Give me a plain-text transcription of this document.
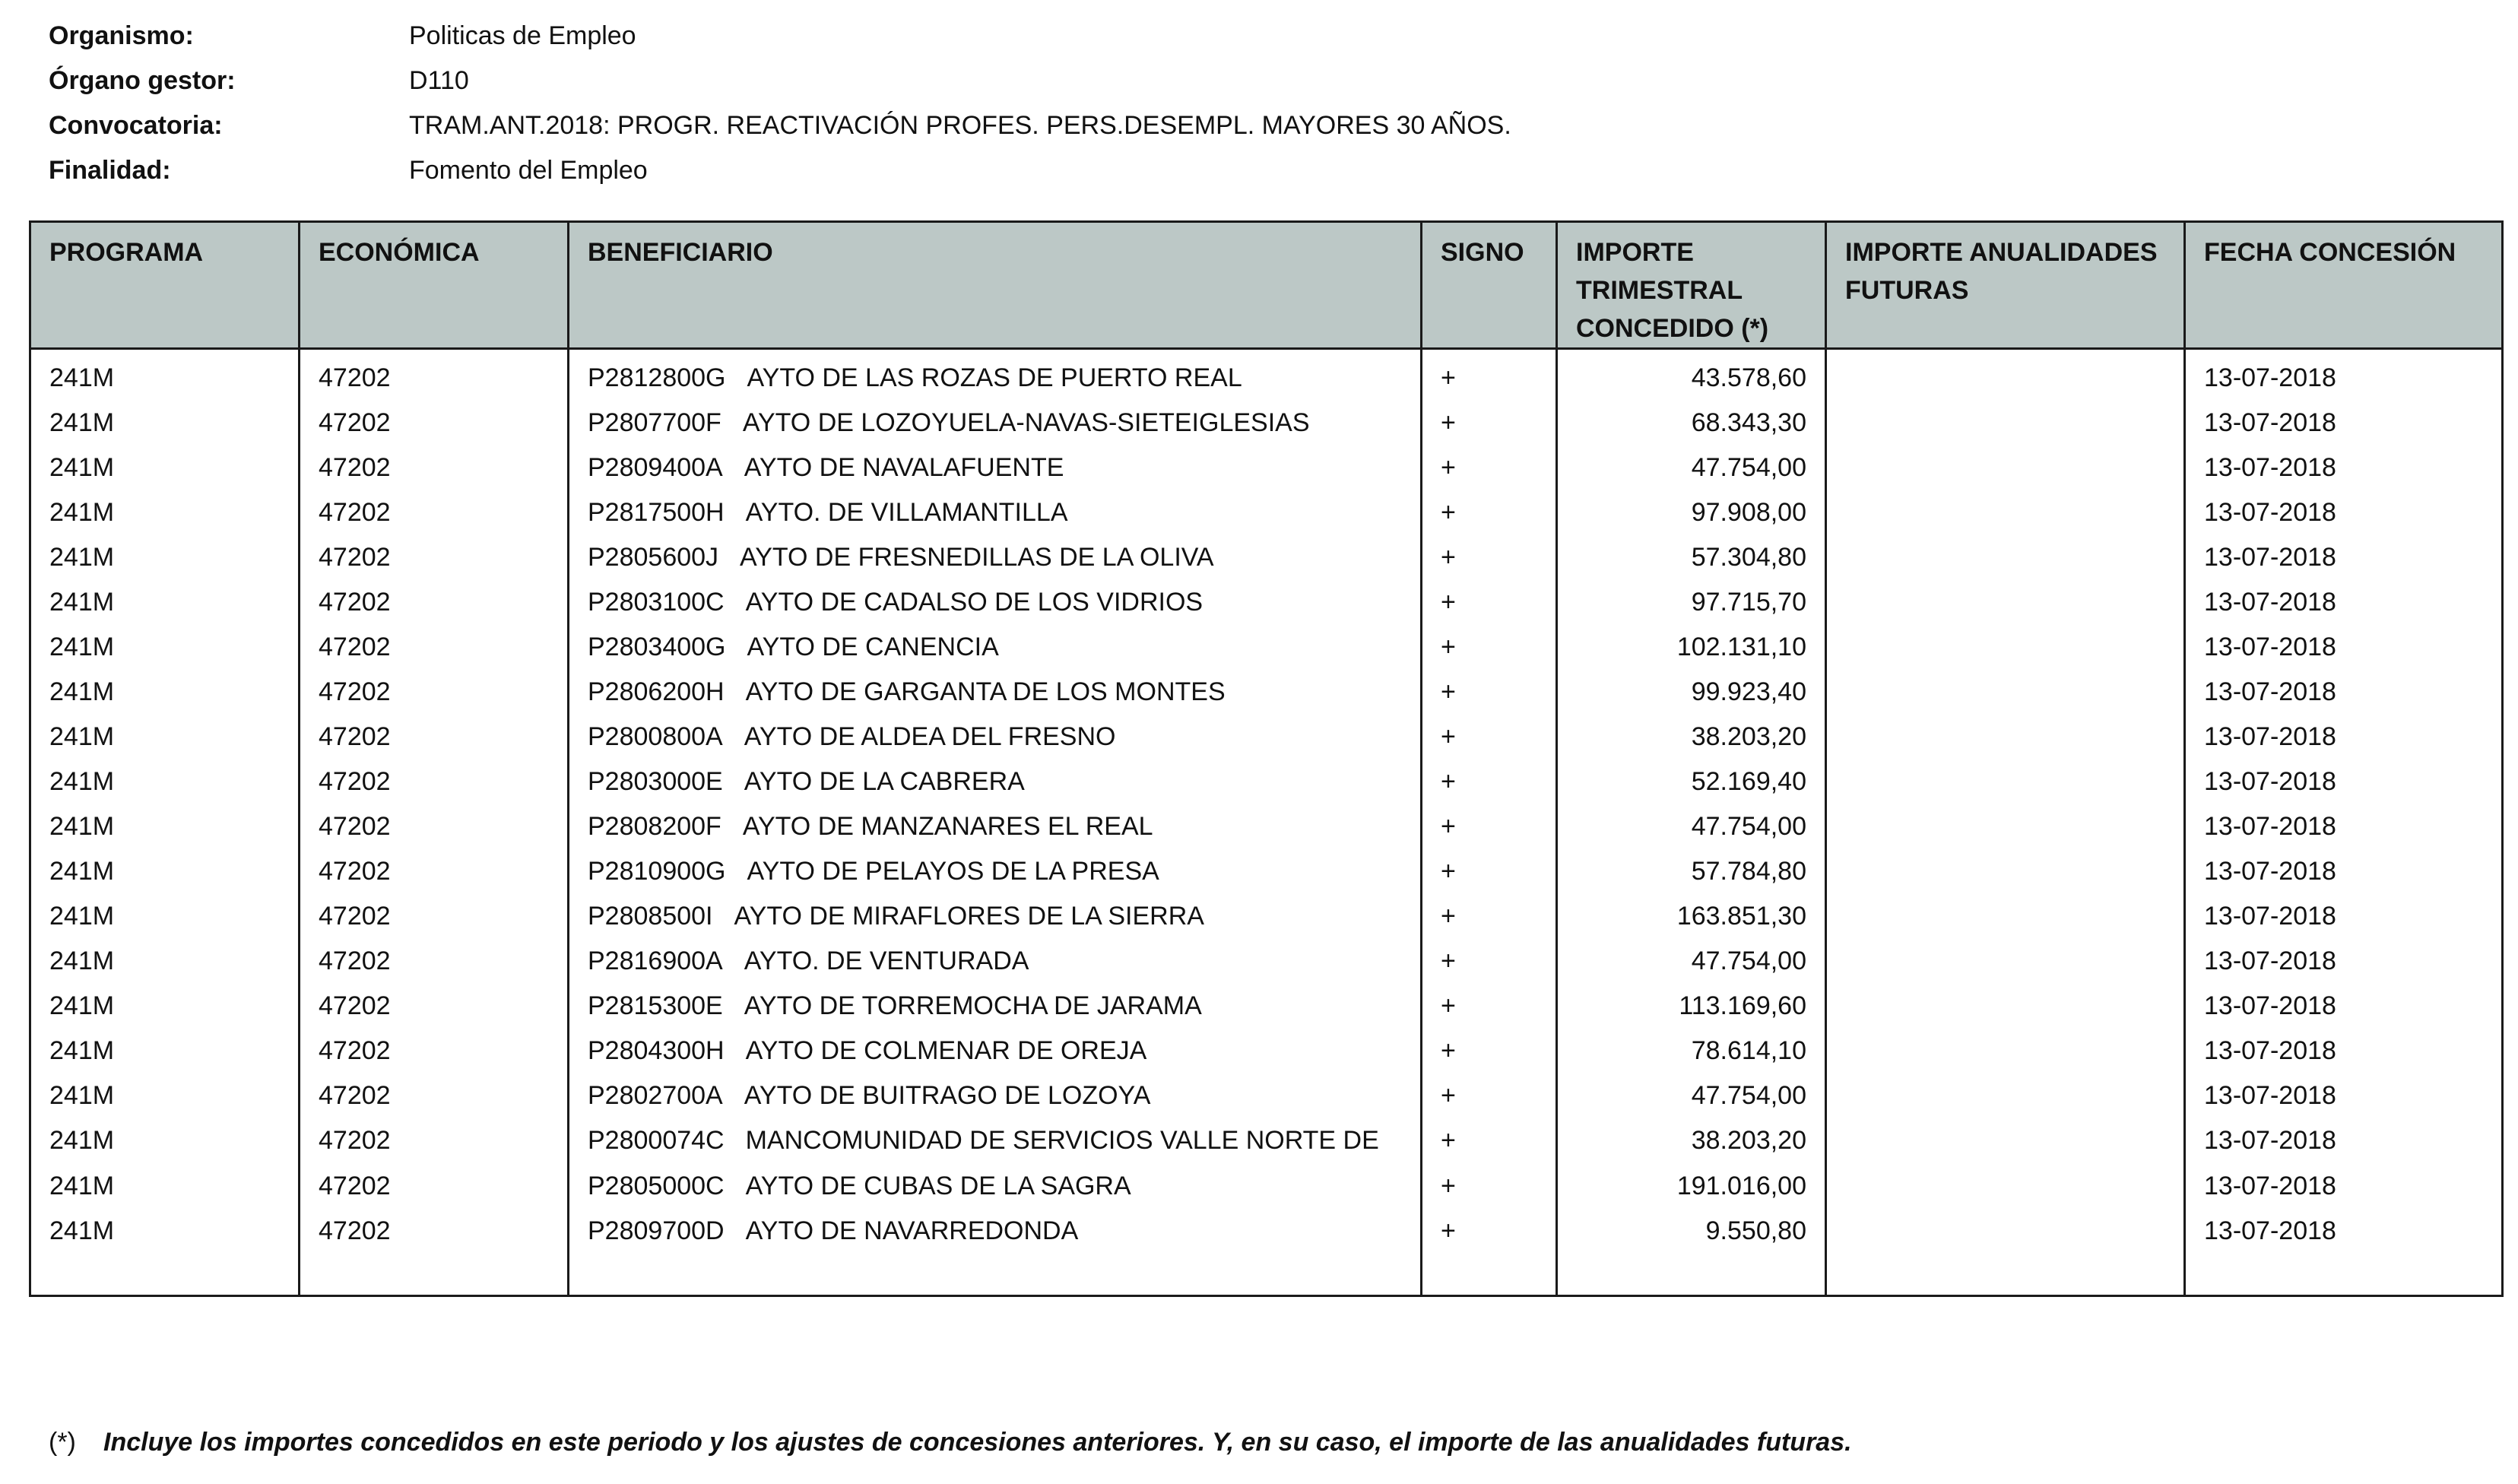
Organismo:	Politicas de Empleo
Órgano gestor:	D110
Convocatoria:	TRAM.ANT.2018: PROGR. REACTIVACIÓN PROFES. PERS.DESEMPL. MAYORES 30 AÑOS.
Finalidad:	Fomento del Empleo
PROGRAMA	ECONÓMICA	BENEFICIARIO	SIGNO	IMPORTE TRIMESTRAL CONCEDIDO (*)	IMPORTE ANUALIDADES FUTURAS	FECHA CONCESIÓN
241M	47202	P2812800G AYTO DE LAS ROZAS DE PUERTO REAL	+	43.578,60		13-07-2018
241M	47202	P2807700F AYTO DE LOZOYUELA-NAVAS-SIETEIGLESIAS	+	68.343,30		13-07-2018
241M	47202	P2809400A AYTO DE NAVALAFUENTE	+	47.754,00		13-07-2018
241M	47202	P2817500H AYTO. DE VILLAMANTILLA	+	97.908,00		13-07-2018
241M	47202	P2805600J AYTO DE FRESNEDILLAS DE LA OLIVA	+	57.304,80		13-07-2018
241M	47202	P2803100C AYTO DE CADALSO DE LOS VIDRIOS	+	97.715,70		13-07-2018
241M	47202	P2803400G AYTO DE CANENCIA	+	102.131,10		13-07-2018
241M	47202	P2806200H AYTO DE GARGANTA DE LOS MONTES	+	99.923,40		13-07-2018
241M	47202	P2800800A AYTO DE ALDEA DEL FRESNO	+	38.203,20		13-07-2018
241M	47202	P2803000E AYTO DE LA CABRERA	+	52.169,40		13-07-2018
241M	47202	P2808200F AYTO DE MANZANARES EL REAL	+	47.754,00		13-07-2018
241M	47202	P2810900G AYTO DE PELAYOS DE LA PRESA	+	57.784,80		13-07-2018
241M	47202	P2808500I AYTO DE MIRAFLORES DE LA SIERRA	+	163.851,30		13-07-2018
241M	47202	P2816900A AYTO. DE VENTURADA	+	47.754,00		13-07-2018
241M	47202	P2815300E AYTO DE TORREMOCHA DE JARAMA	+	113.169,60		13-07-2018
241M	47202	P2804300H AYTO DE COLMENAR DE OREJA	+	78.614,10		13-07-2018
241M	47202	P2802700A AYTO DE BUITRAGO DE LOZOYA	+	47.754,00		13-07-2018
241M	47202	P2800074C MANCOMUNIDAD DE SERVICIOS VALLE NORTE DE	+	38.203,20		13-07-2018
241M	47202	P2805000C AYTO DE CUBAS DE LA SAGRA	+	191.016,00		13-07-2018
241M	47202	P2809700D AYTO DE NAVARREDONDA	+	9.550,80		13-07-2018

(*)	Incluye los importes concedidos en este periodo y los ajustes de concesiones anteriores. Y, en su caso, el importe de las anualidades futuras.
